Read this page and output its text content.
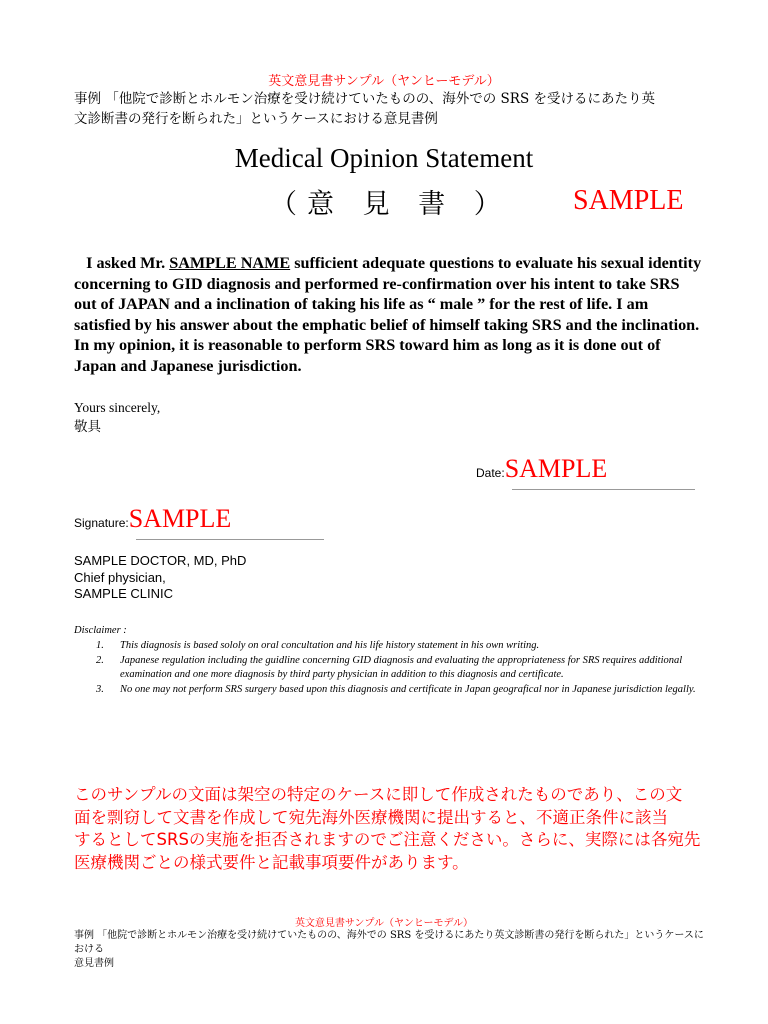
英文意見書サンプル（ヤンヒーモデル）
事例 「他院で診断とホルモン治療を受け続けていたものの、海外での SRS を受けるにあたり英
文診断書の発行を断られた」というケースにおける意見書例
Medical Opinion Statement
（意 見 書 ） SAMPLE

I asked Mr. SAMPLE NAME sufficient adequate questions to evaluate his sexual identity concerning to GID diagnosis and performed re-confirmation over his intent to take SRS out of JAPAN and a inclination of taking his life as “ male ” for the rest of life. I am satisfied by his answer about the emphatic belief of himself taking SRS and the inclination. In my opinion, it is reasonable to perform SRS toward him as long as it is done out of Japan and Japanese jurisdiction.

Yours sincerely,
敬具
Date:SAMPLE
Signature:SAMPLE
SAMPLE DOCTOR, MD, PhD
Chief physician,
SAMPLE CLINIC
Disclaimer :
1.	This diagnosis is based sololy on oral concultation and his life history statement in his own writing.
2.	Japanese regulation including the guidline concerning GID diagnosis and evaluating the appropriateness for SRS requires additional examination and one more diagnosis by third party physician in addition to this diagnosis and certificate.
3.	No one may not perform SRS surgery based upon this diagnosis and certificate in Japan geografical nor in Japanese jurisdiction legally.
このサンプルの文面は架空の特定のケースに即して作成されたものであり、この文
面を剽窃して文書を作成して宛先海外医療機関に提出すると、不適正条件に該当
するとしてSRSの実施を拒否されますのでご注意ください。さらに、実際には各宛先
医療機関ごとの様式要件と記載事項要件があります。
英文意見書サンプル（ヤンヒーモデル）
事例 「他院で診断とホルモン治療を受け続けていたものの、海外での SRS を受けるにあたり英文診断書の発行を断られた」というケースにおける
意見書例
